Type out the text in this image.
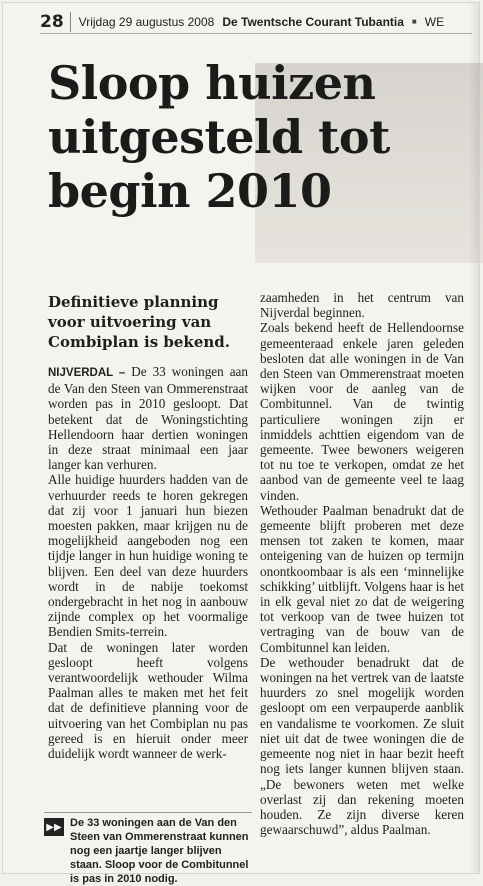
28	Vrijdag 29 augustus 2008 De Twentsche Courant Tubantia ■ WE
Sloop huizen
uitgesteld tot
begin 2010
Definitieve planning voor uitvoering van Combiplan is bekend.

NIJVERDAL – De 33 woningen aan de Van den Steen van Ommerenstraat worden pas in 2010 gesloopt. Dat betekent dat de Woningstichting Hellendoorn haar dertien woningen in deze straat minimaal een jaar langer kan verhuren.

Alle huidige huurders hadden van de verhuurder reeds te horen gekregen dat zij voor 1 januari hun biezen moesten pakken, maar krijgen nu de mogelijkheid aangeboden nog een tijdje langer in hun huidige woning te blijven. Een deel van deze huurders wordt in de nabije toekomst ondergebracht in het nog in aanbouw zijnde complex op het voormalige Bendien Smits-terrein.

Dat de woningen later worden gesloopt heeft volgens verantwoordelijk wethouder Wilma Paalman alles te maken met het feit dat de definitieve planning voor de uitvoering van het Combiplan nu pas gereed is en hieruit onder meer duidelijk wordt wanneer de werk-

zaamheden in het centrum van Nijverdal beginnen.

Zoals bekend heeft de Hellendoornse gemeenteraad enkele jaren geleden besloten dat alle woningen in de Van den Steen van Ommerenstraat moeten wijken voor de aanleg van de Combitunnel. Van de twintig particuliere woningen zijn er inmiddels achttien eigendom van de gemeente. Twee bewoners weigeren tot nu toe te verkopen, omdat ze het aanbod van de gemeente veel te laag vinden.

Wethouder Paalman benadrukt dat de gemeente blijft proberen met deze mensen tot zaken te komen, maar onteigening van de huizen op termijn onontkoombaar is als een ‘minnelijke schikking’ uitblijft. Volgens haar is het in elk geval niet zo dat de weigering tot verkoop van de twee huizen tot vertraging van de bouw van de Combitunnel kan leiden.

De wethouder benadrukt dat de woningen na het vertrek van de laatste huurders zo snel mogelijk worden gesloopt om een verpauperde aanblik en vandalisme te voorkomen. Ze sluit niet uit dat de twee woningen die de gemeente nog niet in haar bezit heeft nog iets langer kunnen blijven staan. „De bewoners weten met welke overlast zij dan rekening moeten houden. Ze zijn diverse keren gewaarschuwd”, aldus Paalman.

▶▶ De 33 woningen aan de Van den Steen van Ommerenstraat kunnen nog een jaartje langer blijven staan. Sloop voor de Combitunnel is pas in 2010 nodig.
